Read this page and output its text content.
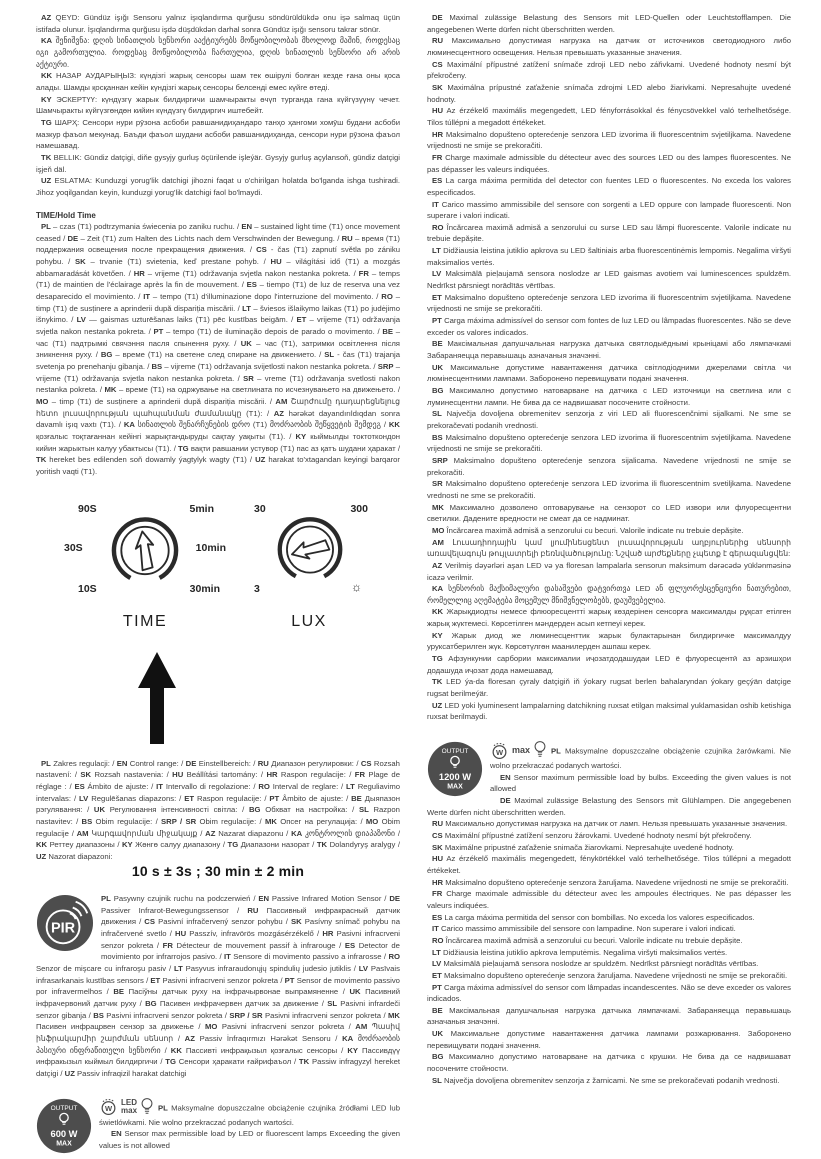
AZ QEYD: Gündüz işığı Sensoru yalnız işıqlandırma qurğusu söndürüldükdə onu işə salmaq üçün istifadə olunur. İşıqlandırma qurğusu işdə düşdükdən darhal sonra Gündüz işığı sensoru takrar sönür.

KA შენიშვნა: დღის სინათლის სენსორი ააქტიურებს მოწყობილობას მხოლოდ მაშინ, როდესაც იგი გამორთულია. როდესაც მოწყობილობა ჩართულია, დღის სინათლის სენსორი არ არის აქტიური.

KK НАЗАР АУДАРЫҢЫЗ: күндізгі жарық сенсоры шам тек өшірулі болған кезде ғана оны қоса алады. Шамды қосқаннан кейін күндізгі жарық сенсоры белсенді емес күйге өтеді.

KY ЭСКЕРТҮҮ: күндүзгү жарык билдиргичи шамчыракты өчүп турганда гана күйгүзүүнү чечет. Шамчыракты күйгүзгөндөн кийин күндүзгү билдиргич иштебейт.

TG ШАРҲ: Сенсори нури рӯзона асбоби равшанидиҳандаро танҳо ҳангоми хомӯш будани асбоби мазкур фаъол мекунад. Баъди фаъол шудани асбоби равшанидиҳанда, сенсори нури рӯзона фаъол намешавад.

TK BELLIK: Gündiz datçigi, diňe gysyjy gurluş öçürilende işleýär. Gysyjy gurluş açylansoň, gündiz datçigi işjeň däl.

UZ ESLATMA: Kunduzgi yorug'lik datchigi jihozni faqat u o'chirilgan holatda bo'lganda ishga tushiradi. Jihoz yoqilgandan keyin, kunduzgi yorug'lik datchigi faol bo'lmaydi.

TIME/Hold Time

PL – czas (T1) podtrzymania świecenia po zaniku ruchu. / EN – sustained light time (T1) once movement ceased / DE – Zeit (T1) zum Halten des Lichts nach dem Verschwinden der Bewegung. / RU – время (T1) поддержания освещения после прекращения движения. / CS - čas (T1) zapnutí světla po zániku pohybu. / SK – trvanie (T1) svietenia, keď prestane pohyb. / HU – világítási idő (T1) a mozgás abbamaradását követően. / HR – vrijeme (T1) održavanja svjetla nakon nestanka pokreta. / FR – temps (T1) de maintien de l'éclairage après la fin de mouvement. / ES – tiempo (T1) de luz de reserva una vez desaparecido el movimiento. / IT – tempo (T1) d'illuminazione dopo l'interruzione del movimento. / RO – timp (T1) de susținere a aprinderii după dispariția miscării. / LT – šviesos išlaikymo laikas (T1) po judėjimo išnykimo. / LV — gaismas uzturēšanas laiks (T1) pēc kustības beigām. / ET – vrijeme (T1) održavanja svjetla nakon nestanka pokreta. / PT – tempo (T1) de iluminação depois de parado o movimento. / BE – час (T1) падтрымкі свячэння пасля спынення руху. / UK – час (T1), затримки освітлення після зникнення руху. / BG – време (T1) на светене след спиране на движението. / SL - čas (T1) trajanja svetenja po prenehanju gibanja. / BS – vijreme (T1) održavanja svijetlosti nakon nestanka pokreta. / SRP – vrijeme (T1) održavanja svjetla nakon nestanka pokreta. / SR – vreme (T1) održavanja svetlosti nakon nestanka pokreta. / MK – време (T1) на одржување на светлината по исчезнувањето на движењето. / MO – timp (T1) de susținere a aprinderii după dispariția miscării. / AM Շարժումը դադարեցնելուց հետո լուսավորության պահպանման ժամանակը (T1): / AZ hərəkət dayandırıldıqdan sonra davamlı işıq vaxtı (T1). / KA სინათლის შენარჩუნების დრო (T1) მოძრაობის შეწყვეტის შემდეგ / KK қозғалыс тоқтағаннан кейінгі жарықтандыруды сақтау уақыты (T1). / KY кыймылды токтоткондон кийин жарыктын калуу убактысы (T1). / TG вақти равшании устувор (T1) пас аз қатъ шудани ҳаракат / TK hereket bes edilenden soň dowamly ýagtylyk wagty (T1) / UZ harakat to'xtagandan keyingi barqaror yoritish vaqti (T1).

90S	5min
30S	10min
10S	30min
TIME
30	300
3	☼
LUX

PL Zakres regulacji: / EN Control range: / DE Einstellbereich: / RU Диапазон регулировки: / CS Rozsah nastavení: / SK Rozsah nastavenia: / HU Beállítási tartomány: / HR Raspon regulacije: / FR Plage de réglage : / ES Ámbito de ajuste: / IT Intervallo di regolazione: / RO Interval de reglare: / LT Reguliavimo intervalas: / LV Regulēšanas diapazons: / ET Raspon regulacije: / PT Âmbito de ajuste: / BE Дыяпазон рэгулявання: / UK Регулювання інтенсивності світла: / BG Обхват на настройка: / SL Razpon nastavitev: / BS Obim regulacije: / SRP / SR Obim regulacije: / MK Опсег на регулација: / MO Obim regulacije / AM Կարգավորման միջակայք / AZ Nazarat diapazonu / KA კონტროლის დიაპაზონი / KK Реттеу диапазоны / KY Жөнгө салуу диапазону / TG Диапазони назорат / TK Dolandyryş aralygy / UZ Nazorat diapazoni:

10 s ± 3s ; 30 min ± 2 min
PIR

PL Pasywny czujnik ruchu na podczerwień / EN Passive Infrared Motion Sensor / DE Passiver Infrarot-Bewegungssensor / RU Пассивный инфракрасный датчик движения / CS Pasivní infračervený senzor pohybu / SK Pasívny snímač pohybu na infračervené svetlo / HU Passzív, infravörös mozgásérzékelő / HR Pasivni infracrveni senzor pokreta / FR Détecteur de mouvement passif à infrarouge / ES Detector de movimiento por infrarrojos pasivo. / IT Sensore di movimento passivo a infrarosse / RO Senzor de mişcare cu infraroşu pasiv / LT Pasyvus infraraudonųjų spindulių judesio jutiklis / LV Pasīvais infrasarkanais kustības sensors / ET Pasivni infracrveni senzor pokreta / PT Sensor de movimento passivo por infravermelhos / BE Пасіўны датчык руху на інфрачырвонае выпрамяненне / UK Пасивний інфрачервоний датчик руху / BG Пасивен инфрачервен датчик за движение / SL Pasivni infrardeči senzor gibanja / BS Pasivni infracrveni senzor pokreta / SRP / SR Pasivni infracrveni senzor pokreta / MK Пасивен инфрацрвен сензор за движење / MO Pasivni infracrveni senzor pokreta / AM Պասիվ ինֆրակարմիր շարժման սենսոր / AZ Passiv İnfraqırmızı Hərəkət Sensoru / KA მოძრაობის პასიური ინფრაწითელი სენსორი / KK Пассивті инфрақызыл қозғалыс сенсоры / KY Пассивдүү инфракызыл кыймыл билдиргичи / TG Сенсори ҳаракати ғайрифаъол / TK Passiw infragyzyl hereket datçigi / UZ Passiv infraqizil harakat datchigi

OUTPUT
600 W
MAX

W
LED
max	PL Maksymalne dopuszczalne obciążenie czujnika źródłami LED lub świetlówkami. Nie wolno przekraczać podanych wartości.

EN Sensor max permissible load by LED or fluorescent lamps Exceeding the given values is not allowed

DE Maximal zulässige Belastung des Sensors mit LED-Quellen oder Leuchtstofflampen. Die angegebenen Werte dürfen nicht überschritten werden.

RU Максимально допустимая нагрузка на датчик от источников светодиодного либо люминесцентного освещения. Нельзя превышать указанные значения.

CS Maximální přípustné zatížení snímače zdroji LED nebo zářivkami. Uvedené hodnoty nesmí být překročeny.

SK Maximálna prípustné zaťaženie snímača zdrojmi LED alebo žiarivkami. Nepresahujte uvedené hodnoty.

HU Az érzékelő maximális megengedett, LED fényforrásokkal és fénycsövekkel való terhelhetősége. Tilos túllépni a megadott értékeket.

HR Maksimalno dopušteno opterećenje senzora LED izvorima ili fluorescentnim svjetiljkama. Navedene vrijednosti ne smije se prekoračiti.

FR Charge maximale admissible du détecteur avec des sources LED ou des lampes fluorescentes. Ne pas dépasser les valeurs indiquées.

ES La carga máxima permitida del detector con fuentes LED o fluorescentes. No exceda los valores especificados.

IT Carico massimo ammissibile del sensore con sorgenti a LED oppure con lampade fluorescenti. Non superare i valori indicati.

RO Încărcarea maximă admisă a senzorului cu surse LED sau lămpi fluorescente. Valorile indicate nu trebuie depășite.

LT Didžiausia leistina jutiklio apkrova su LED šaltiniais arba fluorescentinėmis lempomis. Negalima viršyti maksimalios vertės.

LV Maksimālā pieļaujamā sensora noslodze ar LED gaismas avotiem vai luminescences spuldzēm. Nedrīkst pārsniegt norādītās vērtības.

ET Maksimalno dopušteno opterećenje senzora LED izvorima ili fluorescentnim svjetiljkama. Navedene vrijednosti ne smije se prekoračiti.

PT Carga máxima admissível do sensor com fontes de luz LED ou lâmpadas fluorescentes. Não se deve exceder os valores indicados.

BE Максімальная дапушчальная нагрузка датчыка святлодыёднымі крыніцамі або лямпачкамі Забараняецца перавышаць азначаныя значэнні.

UK Максимальне допустиме навантаження датчика світлодіодними джерелами світла чи люмінесцентними лампами. Заборонено перевищувати подані значення.

BG Максимално допустимо натоварване на датчика с LED източници на светлина или с луминесцентни лампи. Не бива да се надвишават посочените стойности.

SL Največja dovoljena obremenitev senzorja z viri LED ali fluorescenčnimi sijalkami. Ne sme se prekoračevati podanih vrednosti.

BS Maksimalno dopušteno opterećenje senzora LED izvorima ili fluorescentnim svjetiljkama. Navedene vrijednosti ne smije se prekoračiti.

SRP Maksimalno dopušteno opterećenje senzora sijalicama. Navedene vrijednosti ne smije se prekoračiti.

SR Maksimalno dopušteno opterećenje senzora LED izvorima ili fluorescentnim svetiljkama. Navedene vrednosti ne sme se prekoračiti.

MK Максимално дозволено оптоварување на сензорот со LED извори или флуоресцентни светилки. Дадените вредности не смеат да се надминат.

MO Încărcarea maximă admisă a senzorului cu becuri. Valorile indicate nu trebuie depășite.

AM Լուսադիոդային կամ լյումինեսցենտ լուսավորության աղբյուրներից սենսորի առավելագույն թույլատրելի բեռնվածությունը: Նշված արժեքները չպետք է գերազանցվեն:

AZ Verilmiş dəyərləri aşan LED və ya floresan lampalarla sensorun maksimum dərəcədə yüklənməsinə icazə verilmir.

KA სენსორის მაქსიმალური დასაშვები დატვირთვა LED ან ფლუორესცენციური ნათურებით, რომელლიც აღემატება მოცემულ მნიშვნელობებს, დაუშვებელია.

KK Жарықдиодты немесе флюоресцентті жарық көздерінен сенсорға максималды рұқсат етілген жарық жүктемесі. Көрсетілген мәндерден асып кетпеуі керек.

KY Жарык диод же люминесценттик жарык булактарынан билдиргичке максималдуу уруксатберилген жүк. Көрсөтүлгөн маанилерден ашпаш керек.

TG Афзункунии сарбории максималии иҷозатдодашудаи LED ё флуоресцентӣ аз арзишҳои додашуда иҷозат дода намешавад.

TK LED ýa-da floresan çyraly datçigiň iň ýokary rugsat berlen bahalaryndan ýokary geçýän datçige rugsat berilmeýär.

UZ LED yoki lyuminesent lampalarning datchikning ruxsat etilgan maksimal yuklamasidan oshib ketishiga ruxsat berilmaydi.

OUTPUT
1200 W
MAX

W max	PL Maksymalne dopuszczalne obciążenie czujnika żarówkami. Nie wolno przekraczać podanych wartości.

EN Sensor maximum permissible load by bulbs. Exceeding the given values is not allowed

DE Maximal zulässige Belastung des Sensors mit Glühlampen. Die angegebenen Werte dürfen nicht überschritten werden.

RU Максимально допустимая нагрузка на датчик от ламп. Нельзя превышать указанные значения.

CS Maximální přípustné zatížení senzoru žárovkami. Uvedené hodnoty nesmí být překročeny.

SK Maximálne pripustné zaťaženie snimača žiarovkami. Nepresahujte uvedené hodnoty.

HU Az érzékelő maximális megengedett, fénykörtékkel való terhelhetősége. Tilos túllépni a megadott értékeket.

HR Maksimalno dopušteno opterećenje senzora žaruljama. Navedene vrijednosti ne smije se prekoračiti.

FR Charge maximale admissible du détecteur avec les ampoules électriques. Ne pas dépasser les valeurs indiquées.

ES La carga máxima permitida del sensor con bombillas. No exceda los valores especificados.

IT Carico massimo ammissibile del sensore con lampadine. Non superare i valori indicati.

RO Încărcarea maximă admisă a senzorului cu becuri. Valorile indicate nu trebuie depășite.

LT Didžiausia leistina jutiklio apkrova lemputėmis. Negalima viršyti maksimalios vertės.

LV Maksimālā pieļaujamā sensora noslodze ar spuldzēm. Nedrīkst pārsniegt norādītās vērtības.

ET Maksimalno dopušteno opterećenje senzora žaruljama. Navedene vrijednosti ne smije se prekoračiti.

PT Carga máxima admissível do sensor com lâmpadas incandescentes. Não se deve exceder os valores indicados.

BE Максімальная дапушчальная нагрузка датчыка лямпачкамі. Забараняецца перавышаць азначаныя значэнні.

UK Максимальне допустиме навантаження датчика лампами розжарювання. Заборонено перевищувати подані значення.

BG Максимално допустимо натоварване на датчика с крушки. Не бива да се надвишават посочените стойности.

SL Največja dovoljena obremenitev senzorja z žarnicami. Ne sme se prekoračevati podanih vrednosti.
